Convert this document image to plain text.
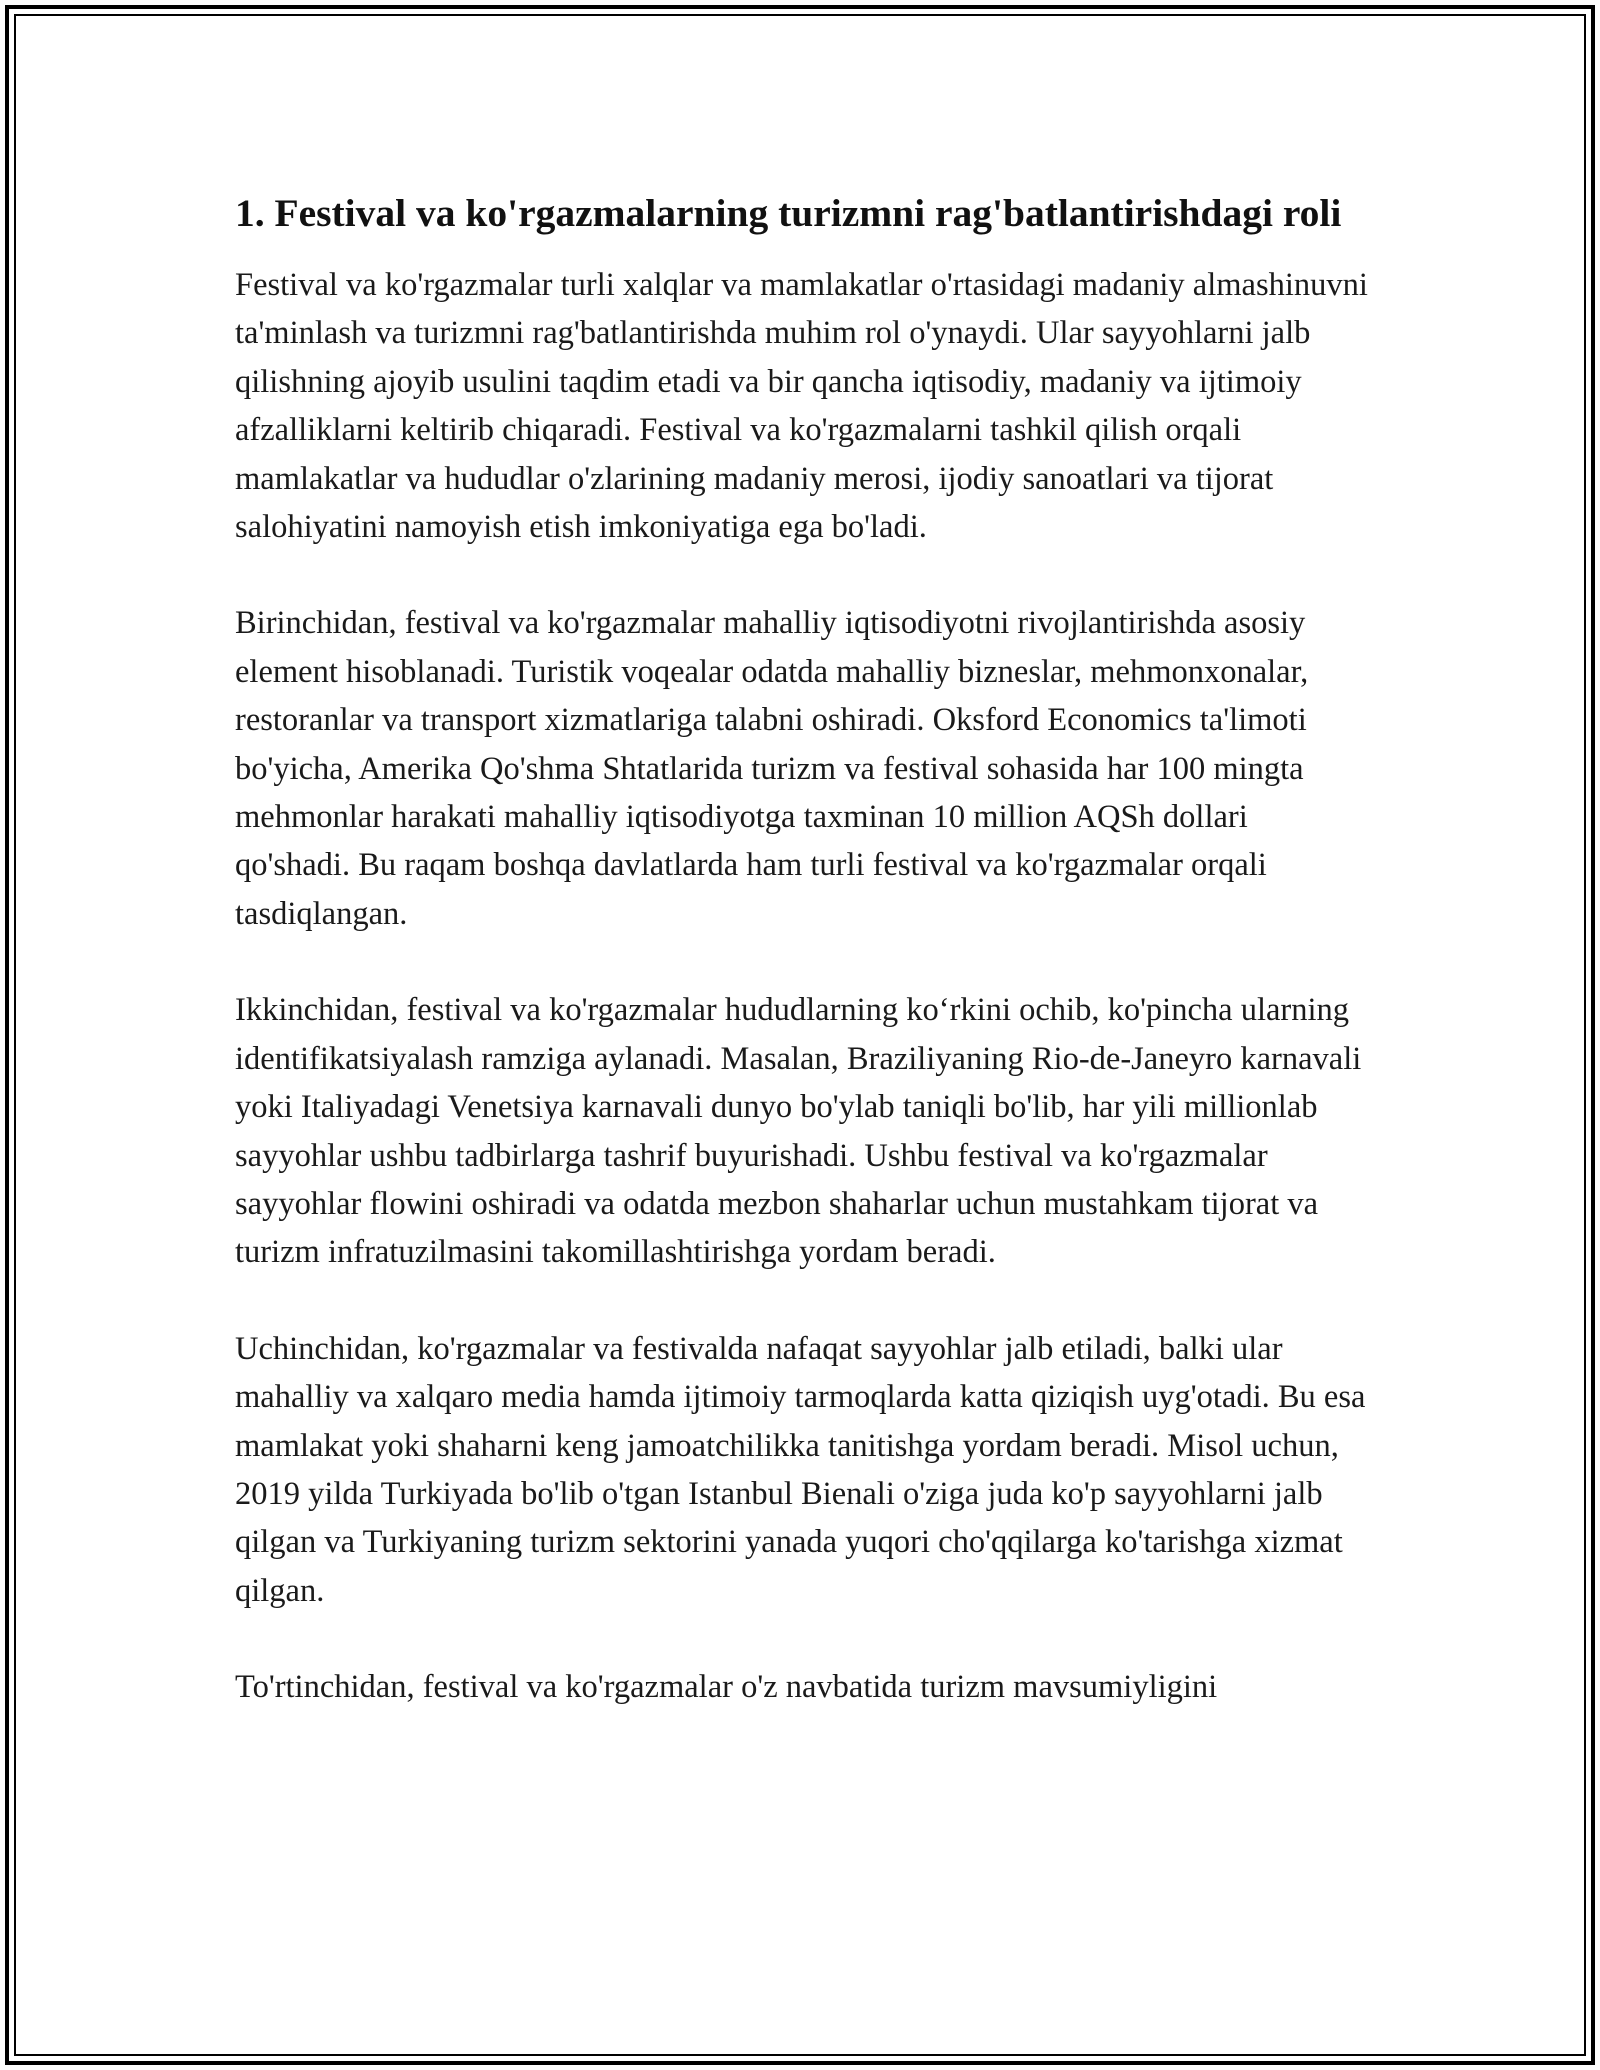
1. Festival va ko'rgazmalarning turizmni rag'batlantirishdagi roli

Festival va ko'rgazmalar turli xalqlar va mamlakatlar o'rtasidagi madaniy almashinuvni ta'minlash va turizmni rag'batlantirishda muhim rol o'ynaydi. Ular sayyohlarni jalb qilishning ajoyib usulini taqdim etadi va bir qancha iqtisodiy, madaniy va ijtimoiy afzalliklarni keltirib chiqaradi. Festival va ko'rgazmalarni tashkil qilish orqali mamlakatlar va hududlar o'zlarining madaniy merosi, ijodiy sanoatlari va tijorat salohiyatini namoyish etish imkoniyatiga ega bo'ladi.

Birinchidan, festival va ko'rgazmalar mahalliy iqtisodiyotni rivojlantirishda asosiy element hisoblanadi. Turistik voqealar odatda mahalliy bizneslar, mehmonxonalar, restoranlar va transport xizmatlariga talabni oshiradi. Oksford Economics ta'limoti bo'yicha, Amerika Qo'shma Shtatlarida turizm va festival sohasida har 100 mingta mehmonlar harakati mahalliy iqtisodiyotga taxminan 10 million AQSh dollari qo'shadi. Bu raqam boshqa davlatlarda ham turli festival va ko'rgazmalar orqali tasdiqlangan.

Ikkinchidan, festival va ko'rgazmalar hududlarning ko‘rkini ochib, ko'pincha ularning identifikatsiyalash ramziga aylanadi. Masalan, Braziliyaning Rio-de-Janeyro karnavali yoki Italiyadagi Venetsiya karnavali dunyo bo'ylab taniqli bo'lib, har yili millionlab sayyohlar ushbu tadbirlarga tashrif buyurishadi. Ushbu festival va ko'rgazmalar sayyohlar flowini oshiradi va odatda mezbon shaharlar uchun mustahkam tijorat va turizm infratuzilmasini takomillashtirishga yordam beradi.

Uchinchidan, ko'rgazmalar va festivalda nafaqat sayyohlar jalb etiladi, balki ular mahalliy va xalqaro media hamda ijtimoiy tarmoqlarda katta qiziqish uyg'otadi. Bu esa mamlakat yoki shaharni keng jamoatchilikka tanitishga yordam beradi. Misol uchun, 2019 yilda Turkiyada bo'lib o'tgan Istanbul Bienali o'ziga juda ko'p sayyohlarni jalb qilgan va Turkiyaning turizm sektorini yanada yuqori cho'qqilarga ko'tarishga xizmat qilgan.

To'rtinchidan, festival va ko'rgazmalar o'z navbatida turizm mavsumiyligini
